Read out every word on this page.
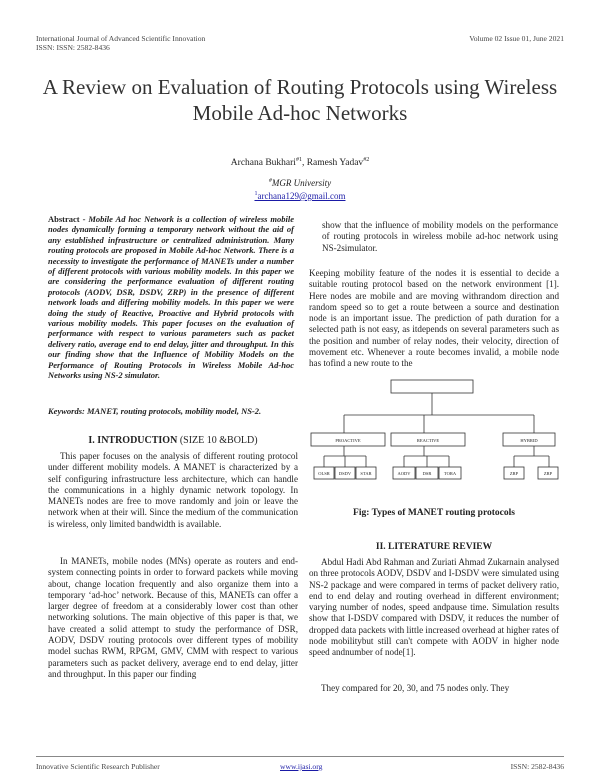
International Journal of Advanced Scientific Innovation
ISSN: ISSN: 2582-8436
Volume 02 Issue 01, June 2021
A Review on Evaluation of Routing Protocols using Wireless Mobile Ad-hoc Networks
Archana Bukhari$^{\#1}$, Ramesh Yadav$^{\#2}$
#MGR University
$^1$archana129@gmail.com
Abstract - Mobile Ad hoc Network is a collection of wireless mobile nodes dynamically forming a temporary network without the aid of any established infrastructure or centralized administration. Many routing protocols are proposed in Mobile Ad-hoc Network. There is a necessity to investigate the performance of MANETs under a number of different protocols with various mobility models. In this paper we are considering the performance evaluation of different routing protocols (AODV, DSR, DSDV, ZRP) in the presence of different network loads and differing mobility models. In this paper we were doing the study of Reactive, Proactive and Hybrid protocols with various mobility models. This paper focuses on the evaluation of performance with respect to various parameters such as packet delivery ratio, average end to end delay, jitter and throughput. In this our finding show that the Influence of Mobility Models on the Performance of Routing Protocols in Wireless Mobile Ad-hoc Networks using NS-2 simulator.
Keywords: MANET, routing protocols, mobility model, NS-2.
I. INTRODUCTION (SIZE 10 &BOLD)
This paper focuses on the analysis of different routing protocol under different mobility models. A MANET is characterized by a self configuring infrastructure less architecture, which can handle the communications in a highly dynamic network topology. In MANETs nodes are free to move randomly and join or leave the network when at their will. Since the medium of the communication is wireless, only limited bandwidth is available.
In MANETs, mobile nodes (MNs) operate as routers and end-system connecting points in order to forward packets while moving about, change location frequently and also organize them into a temporary ‘ad-hoc’ network. Because of this, MANETs can offer a larger degree of freedom at a considerably lower cost than other networking solutions. The main objective of this paper is that, we have created a solid attempt to study the performance of DSR, AODV, DSDV routing protocols over different types of mobility model suchas RWM, RPGM, GMV, CMM with respect to various parameters such as packet delivery, average end to end delay, jitter and throughput. In this paper our finding
show that the influence of mobility models on the performance of routing protocols in wireless mobile ad-hoc network using NS-2simulator.
Keeping mobility feature of the nodes it is essential to decide a suitable routing protocol based on the network environment [1]. Here nodes are mobile and are moving withrandom direction and random speed so to get a route between a source and destination node is an important issue. The prediction of path duration for a selected path is not easy, as itdepends on several parameters such as the position and number of relay nodes, their velocity, direction of movement etc. Whenever a route becomes invalid, a mobile node has tofind a new route to the
PROACTIVE	REACTIVE	HYBRID
OLSR DSDV STAR	AODV	DSR	TORA	ZRP	ZRP
Fig: Types of MANET routing protocols
II. LITERATURE REVIEW
Abdul Hadi Abd Rahman and Zuriati Ahmad Zukarnain analysed on three protocols AODV, DSDV and I-DSDV were simulated using NS-2 package and were compared in terms of packet delivery ratio, end to end delay and routing overhead in different environment; varying number of nodes, speed andpause time. Simulation results show that I-DSDV compared with DSDV, it reduces the number of dropped data packets with little increased overhead at higher rates of node mobilitybut still can't compete with AODV in higher node speed andnumber of node[1].
They compared for 20, 30, and 75 nodes only. They
Innovative Scientific Research Publisher	www.ijasi.org	ISSN: 2582-8436
